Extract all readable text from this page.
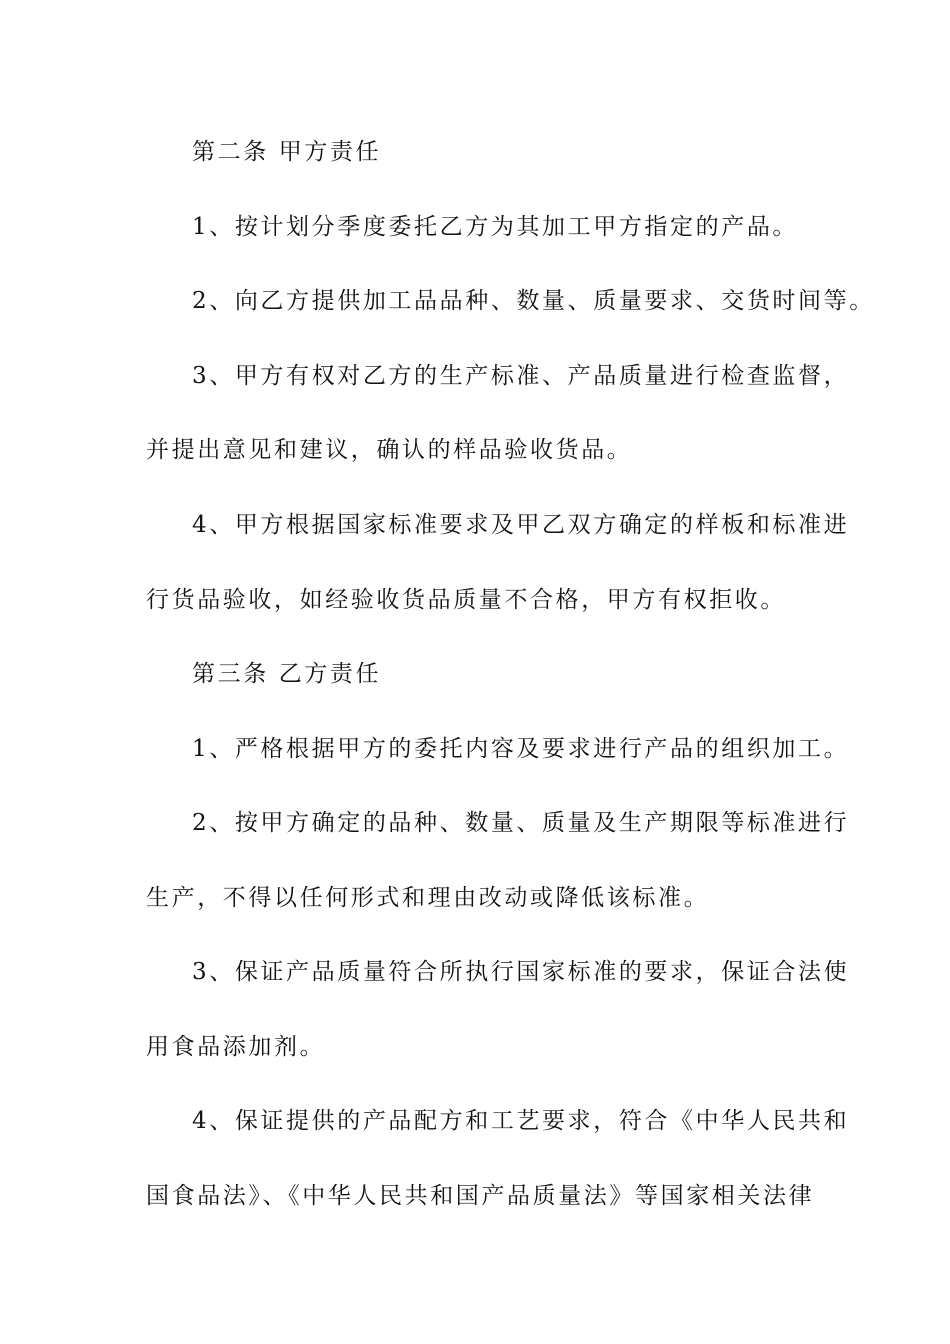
第二条 甲方责任
1、按计划分季度委托乙方为其加工甲方指定的产品。
2、向乙方提供加工品品种、数量、质量要求、交货时间等。
3、甲方有权对乙方的生产标准、产品质量进行检查监督，
并提出意见和建议，确认的样品验收货品。
4、甲方根据国家标准要求及甲乙双方确定的样板和标准进
行货品验收，如经验收货品质量不合格，甲方有权拒收。
第三条 乙方责任
1、严格根据甲方的委托内容及要求进行产品的组织加工。
2、按甲方确定的品种、数量、质量及生产期限等标准进行
生产，不得以任何形式和理由改动或降低该标准。
3、保证产品质量符合所执行国家标准的要求，保证合法使
用食品添加剂。
4、保证提供的产品配方和工艺要求，符合《中华人民共和
国食品法》、《中华人民共和国产品质量法》等国家相关法律
